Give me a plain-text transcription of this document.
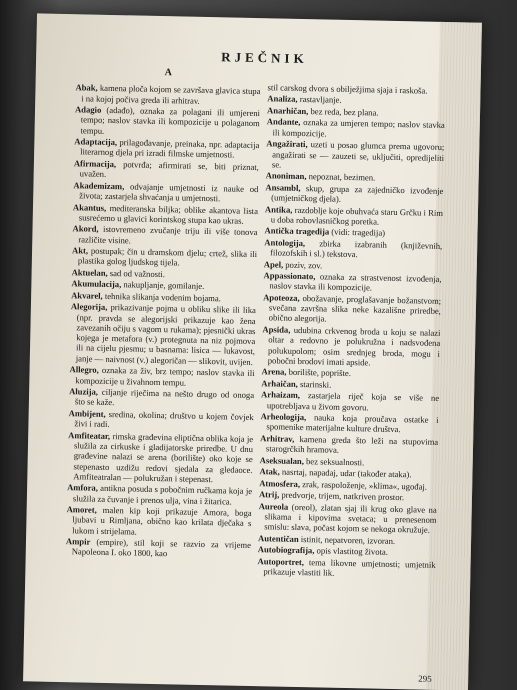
RJEČNIK
A
Abak, kamena ploča kojom se završava glavica stupa i na kojoj počiva greda ili arhitrav.
Adagio (adađo), oznaka za polagani ili umjereni tempo; naslov stavka ili kompozicije u polaganom tempu.
Adaptacija, prilagođavanje, preinaka, npr. adaptacija literarnog djela pri izradi filmske umjetnosti.
Afirmacija, potvrđa; afirmirati se, biti priznat, uvažen.
Akademizam, odvajanje umjetnosti iz nauke od života; zastarjela shvaćanja u umjetnosti.
Akantus, mediteranska biljka; oblike akantova lista susrećemo u glavici korintskog stupa kao ukras.
Akord, istovremeno zvučanje triju ili više tonova različite visine.
Akt, postupak; čin u dramskom djelu; crtež, slika ili plastika golog ljudskog tijela.
Aktuelan, sad od važnosti.
Akumulacija, nakupljanje, gomilanje.
Akvarel, tehnika slikanja vodenim bojama.
Alegorija, prikazivanje pojma u obliku slike ili lika (npr. pravda se alegorijski prikazuje kao žena zavezanih očiju s vagom u rukama); pjesnički ukras kojega je metafora (v.) protegnuta na niz pojmova ili na cijelu pjesmu; u basnama: lisica — lukavost, janje — naivnost (v.) alegoričan — slikovit, uvijen.
Allegro, oznaka za živ, brz tempo; naslov stavka ili kompozicije u živahnom tempu.
Aluzija, ciljanje riječima na nešto drugo od onoga što se kaže.
Ambijent, sredina, okolina; društvo u kojem čovjek živi i radi.
Amfiteatar, rimska građevina eliptična oblika koja je služila za cirkuske i gladijatorske priredbe. U dnu građevine nalazi se arena (borilište) oko koje se stepenasto uzdižu redovi sjedala za gledaoce. Amfiteatralan — polukružan i stepenast.
Amfora, antikna posuda s pobočnim ručkama koja je služila za čuvanje i prenos ulja, vina i žitarica.
Amoret, malen kip koji prikazuje Amora, boga ljubavi u Rimljana, obično kao krilata dječaka s lukom i strijelama.
Ampir (empire), stil koji se razvio za vrijeme Napoleona I. oko 1800, kao
stil carskog dvora s obilježjima sjaja i raskoša.
Analiza, rastavljanje.
Anarhičan, bez reda, bez plana.
Andante, oznaka za umjeren tempo; naslov stavka ili kompozicije.
Angažirati, uzeti u posao glumca prema ugovoru; angažirati se — zauzeti se, uključiti, opredijeliti se.
Anoniman, nepoznat, bezimen.
Ansambl, skup, grupa za zajedničko izvođenje (umjetničkog djela).
Antika, razdoblje koje obuhvaća staru Grčku i Rim u doba robovlasničkog poretka.
Antička tragedija (vidi: tragedija)
Antologija, zbirka izabranih (književnih, filozofskih i sl.) tekstova.
Apel, poziv, zov.
Appassionato, oznaka za strastvenost izvođenja, naslov stavka ili kompozicije.
Apoteoza, obožavanje, proglašavanje božanstvom; svečana završna slika neke kazališne priredbe, obično alegorija.
Apsida, udubina crkvenog broda u koju se nalazi oltar a redovno je polukružna i nadsvođena polukupolom; osim srednjeg broda, mogu i pobočni brodovi imati apside.
Arena, borilište, poprište.
Arhaičan, starinski.
Arhaizam, zastarjela riječ koja se više ne upotrebljava u živom govoru.
Arheologija, nauka koja proučava ostatke i spomenike materijalne kulture društva.
Arhitrav, kamena greda što leži na stupovima starogrčkih hramova.
Aseksualan, bez seksualnosti.
Atak, nasrtaj, napadaj, udar (također ataka).
Atmosfera, zrak, raspoloženje, »klima«, ugođaj.
Atrij, predvorje, trijem, natkriven prostor.
Aureola (oreol), zlatan sjaj ili krug oko glave na slikama i kipovima svetaca; u prenesenom smislu: slava, počast kojom se nekoga okružuje.
Autentičan istinit, nepatvoren, izvoran.
Autobiografija, opis vlastitog života.
Autoportret, tema likovne umjetnosti; umjetnik prikazuje vlastiti lik.
295
